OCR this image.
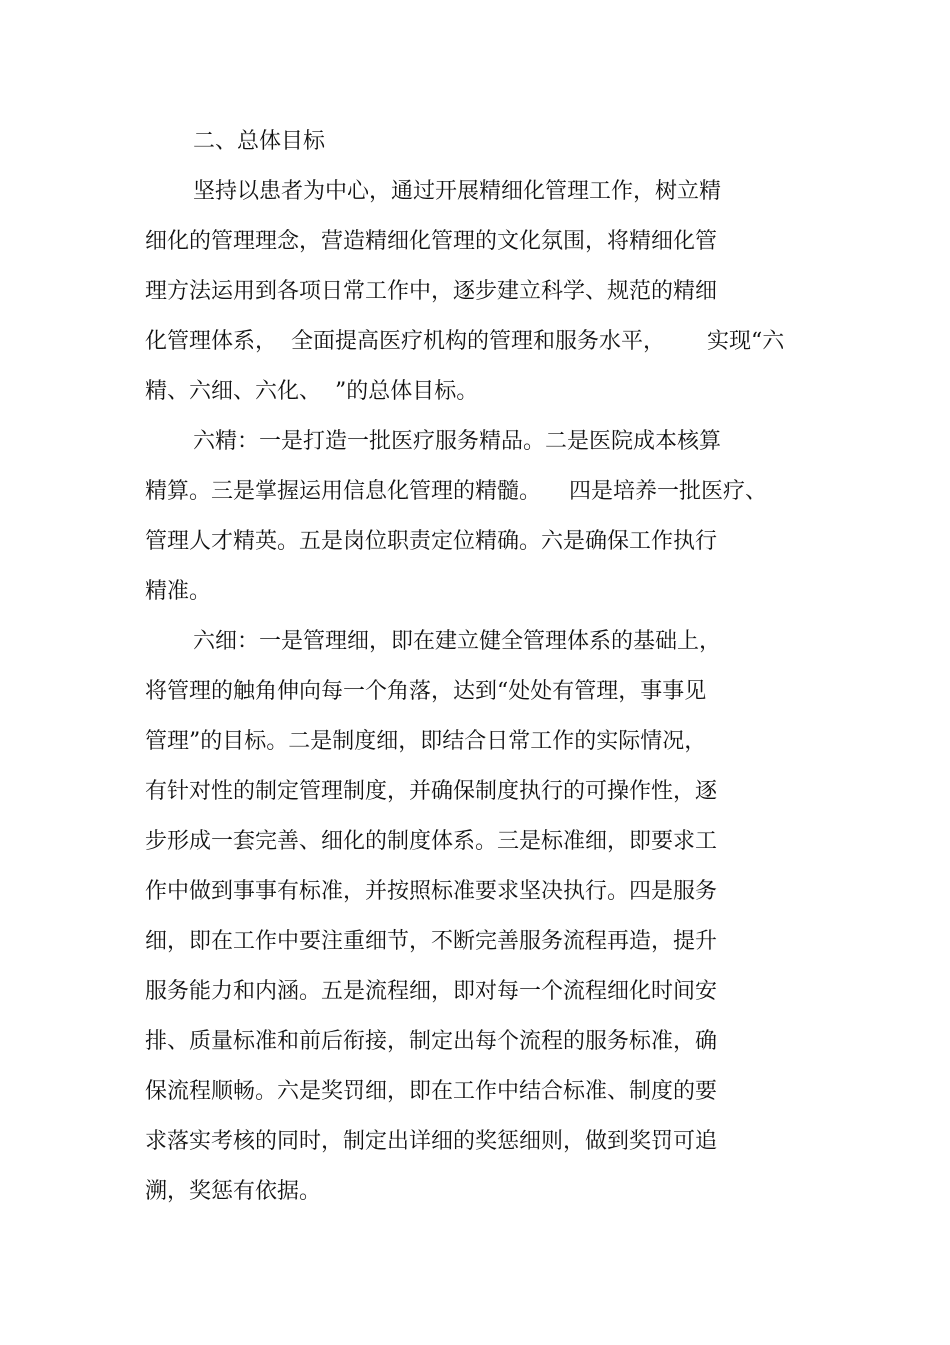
二、总体目标
坚持以患者为中心，通过开展精细化管理工作，树立精
细化的管理理念，营造精细化管理的文化氛围，将精细化管
理方法运用到各项日常工作中，逐步建立科学、规范的精细
化管理体系，  全面提高医疗机构的管理和服务水平，      实现“六
精、六细、六化、  ”的总体目标。
六精：一是打造一批医疗服务精品。二是医院成本核算
精算。三是掌握运用信息化管理的精髓。    四是培养一批医疗、
管理人才精英。五是岗位职责定位精确。六是确保工作执行
精准。
六细：一是管理细，即在建立健全管理体系的基础上，
将管理的触角伸向每一个角落，达到“处处有管理，事事见
管理”的目标。二是制度细，即结合日常工作的实际情况，
有针对性的制定管理制度，并确保制度执行的可操作性，逐
步形成一套完善、细化的制度体系。三是标准细，即要求工
作中做到事事有标准，并按照标准要求坚决执行。四是服务
细，即在工作中要注重细节，不断完善服务流程再造，提升
服务能力和内涵。五是流程细，即对每一个流程细化时间安
排、质量标准和前后衔接，制定出每个流程的服务标准，确
保流程顺畅。六是奖罚细，即在工作中结合标准、制度的要
求落实考核的同时，制定出详细的奖惩细则，做到奖罚可追
溯，奖惩有依据。
